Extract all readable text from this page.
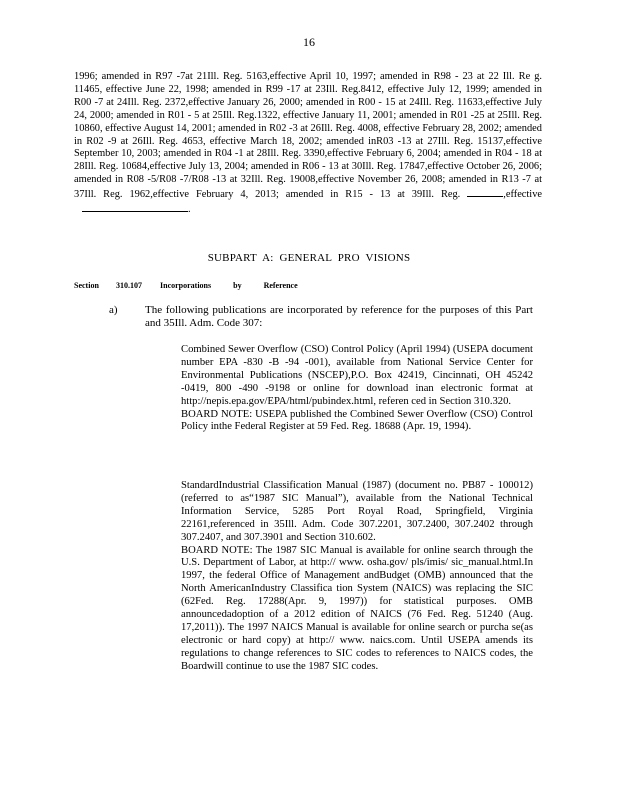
16

1996; amended in R97 -7at 21Ill. Reg. 5163,effective April 10, 1997; amended in R98 - 23 at 22 Ill. Re g. 11465, effective June 22, 1998; amended in R99 -17 at 23Ill. Reg.8412, effective July 12, 1999; amended in R00 -7 at 24Ill. Reg. 2372,effective January 26, 2000; amended in R00 - 15 at 24Ill. Reg. 11633,effective July 24, 2000; amended in R01 - 5 at 25Ill. Reg.1322, effective January 11, 2001; amended in R01 -25 at 25Ill. Reg. 10860, effective August 14, 2001; amended in R02 -3 at 26Ill. Reg. 4008, effective February 28, 2002; amended in R02 -9 at 26Ill. Reg. 4653, effective March 18, 2002; amended inR03 -13 at 27Ill. Reg. 15137,effective September 10, 2003; amended in R04 -1 at 28Ill. Reg. 3390,effective February 6, 2004; amended in R04 - 18 at 28Ill. Reg. 10684,effective July 13, 2004; amended in R06 - 13 at 30Ill. Reg. 17847,effective October 26, 2006; amended in R08 -5/R08 -7/R08 -13 at 32Ill. Reg. 19008,effective November 26, 2008; amended in R13 -7 at 37Ill. Reg. 1962,effective February 4, 2013; amended in R15 - 13 at 39Ill. Reg.	,effective.

SUBPART A: GENERAL PRO VISIONS
Section 310.107 Incorporations by Reference
a) The following publications are incorporated by reference for the purposes of this Part and 35Ill. Adm. Code 307:

Combined Sewer Overflow (CSO) Control Policy (April 1994) (USEPA document number EPA -830 -B -94 -001), available from National Service Center for Environmental Publications (NSCEP),P.O. Box 42419, Cincinnati, OH 45242 -0419, 800 -490 -9198 or online for download inan electronic format at http://nepis.epa.gov/EPA/html/pubindex.html, referen ced in Section 310.320.

BOARD NOTE: USEPA published the Combined Sewer Overflow (CSO) Control Policy inthe Federal Register at 59 Fed. Reg. 18688 (Apr. 19, 1994).

StandardIndustrial Classification Manual (1987) (document no. PB87 - 100012) (referred to as“1987 SIC Manual”), available from the National Technical Information Service, 5285 Port Royal Road, Springfield, Virginia 22161,referenced in 35Ill. Adm. Code 307.2201, 307.2400, 307.2402 through 307.2407, and 307.3901 and Section 310.602.

BOARD NOTE: The 1987 SIC Manual is available for online search through the U.S. Department of Labor, at http:// www. osha.gov/ pls/imis/ sic_manual.html.In 1997, the federal Office of Management andBudget (OMB) announced that the North AmericanIndustry Classifica tion System (NAICS) was replacing the SIC (62Fed. Reg. 17288(Apr. 9, 1997)) for statistical purposes. OMB announcedadoption of a 2012 edition of NAICS (76 Fed. Reg. 51240 (Aug. 17,2011)). The 1997 NAICS Manual is available for online search or purcha se(as electronic or hard copy) at http:// www. naics.com. Until USEPA amends its regulations to change references to SIC codes to references to NAICS codes, the Boardwill continue to use the 1987 SIC codes.
